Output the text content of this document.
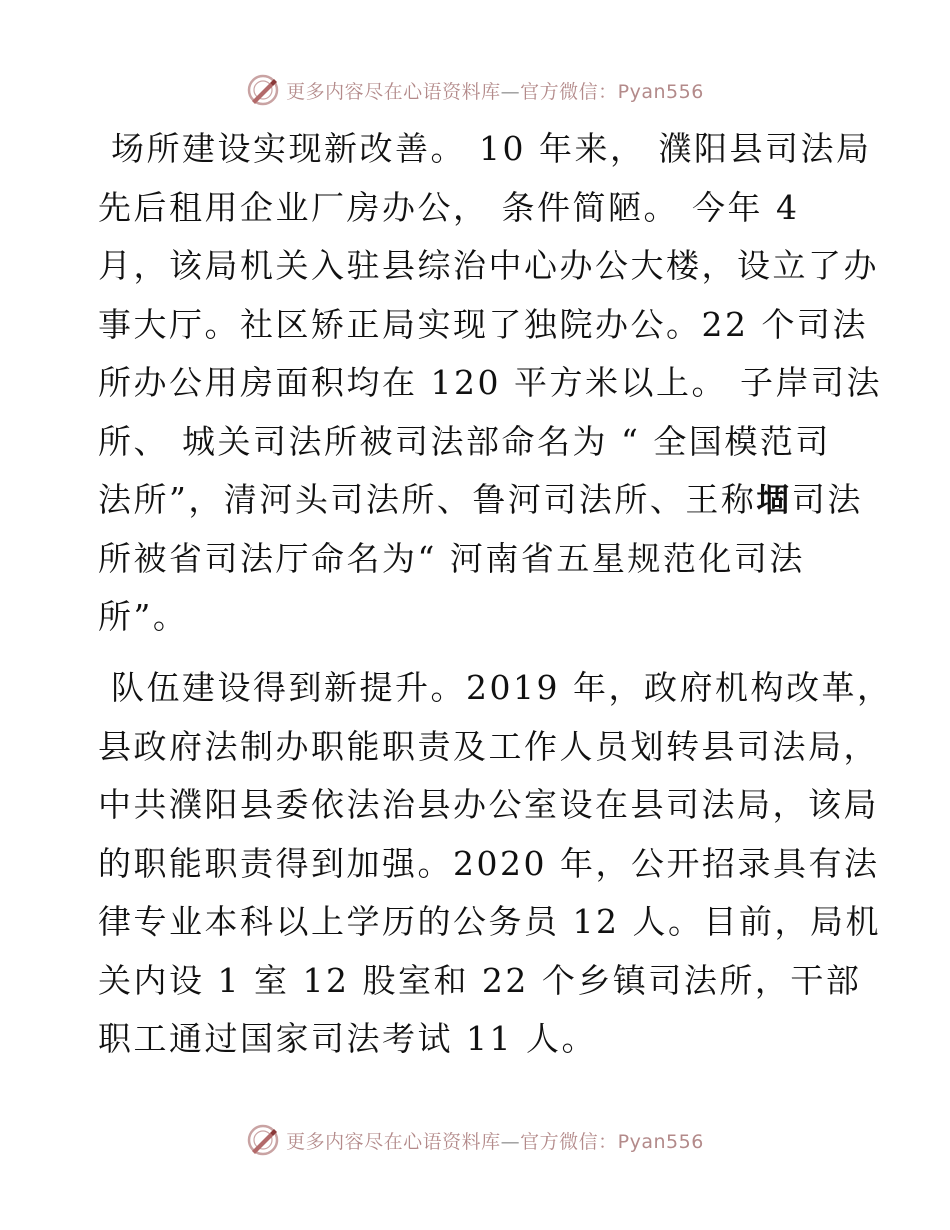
更多内容尽在心语资料库—官方微信：Pyan556
场所建设实现新改善。 10 年来， 濮阳县司法局
先后租用企业厂房办公， 条件简陋。 今年 4
月，该局机关入驻县综治中心办公大楼，设立了办
事大厅。社区矫正局实现了独院办公。22 个司法
所办公用房面积均在 120 平方米以上。 子岸司法
所、 城关司法所被司法部命名为 “ 全国模范司
法所”，清河头司法所、鲁河司法所、王称堌司法
所被省司法厅命名为“ 河南省五星规范化司法
所”。
队伍建设得到新提升。2019 年，政府机构改革，
县政府法制办职能职责及工作人员划转县司法局，
中共濮阳县委依法治县办公室设在县司法局，该局
的职能职责得到加强。2020 年，公开招录具有法
律专业本科以上学历的公务员 12 人。目前，局机
关内设 1 室 12 股室和 22 个乡镇司法所，干部
职工通过国家司法考试 11 人。
更多内容尽在心语资料库—官方微信：Pyan556
